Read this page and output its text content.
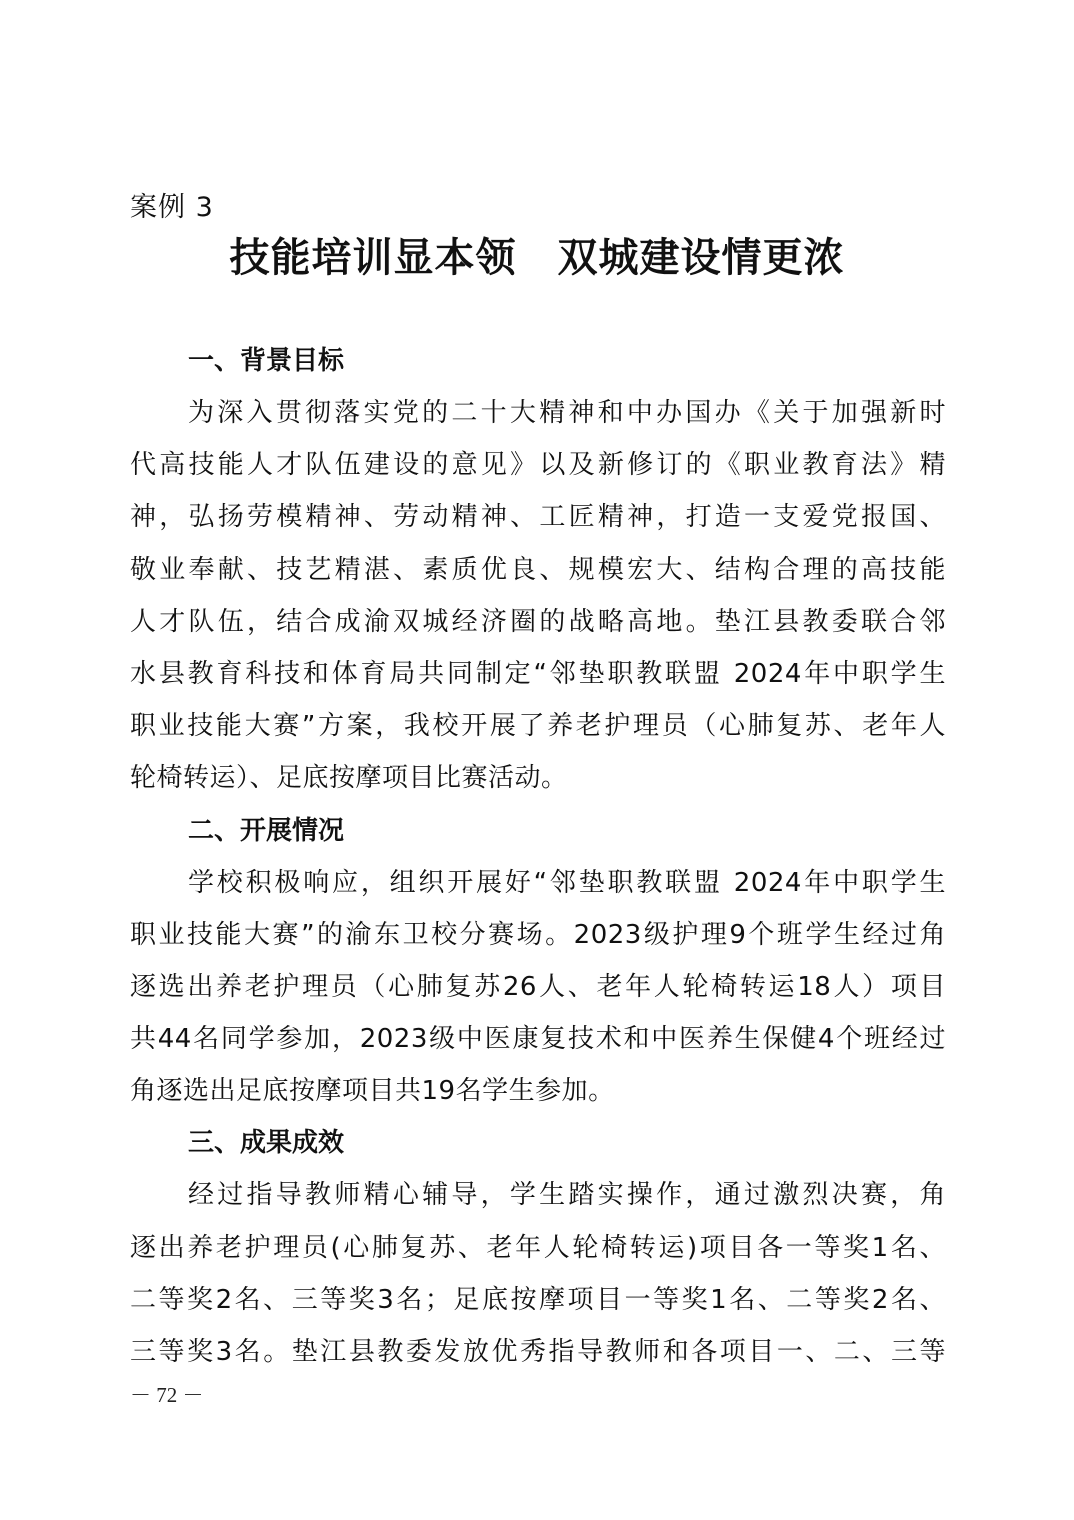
案例 3
技能培训显本领　双城建设情更浓
一、背景目标
为深入贯彻落实党的二十大精神和中办国办《关于加强新时
代高技能人才队伍建设的意见》以及新修订的《职业教育法》精
神，弘扬劳模精神、劳动精神、工匠精神，打造一支爱党报国、
敬业奉献、技艺精湛、素质优良、规模宏大、结构合理的高技能
人才队伍，结合成渝双城经济圈的战略高地。垫江县教委联合邻
水县教育科技和体育局共同制定“邻垫职教联盟 2024年中职学生
职业技能大赛”方案，我校开展了养老护理员（心肺复苏、老年人
轮椅转运）、足底按摩项目比赛活动。
二、开展情况
学校积极响应，组织开展好“邻垫职教联盟 2024年中职学生
职业技能大赛”的渝东卫校分赛场。2023级护理9个班学生经过角
逐选出养老护理员（心肺复苏26人、老年人轮椅转运18人）项目
共44名同学参加，2023级中医康复技术和中医养生保健4个班经过
角逐选出足底按摩项目共19名学生参加。
三、成果成效
经过指导教师精心辅导，学生踏实操作，通过激烈决赛，角
逐出养老护理员(心肺复苏、老年人轮椅转运)项目各一等奖1名、
二等奖2名、三等奖3名；足底按摩项目一等奖1名、二等奖2名、
三等奖3名。垫江县教委发放优秀指导教师和各项目一、二、三等
－ 72 －
